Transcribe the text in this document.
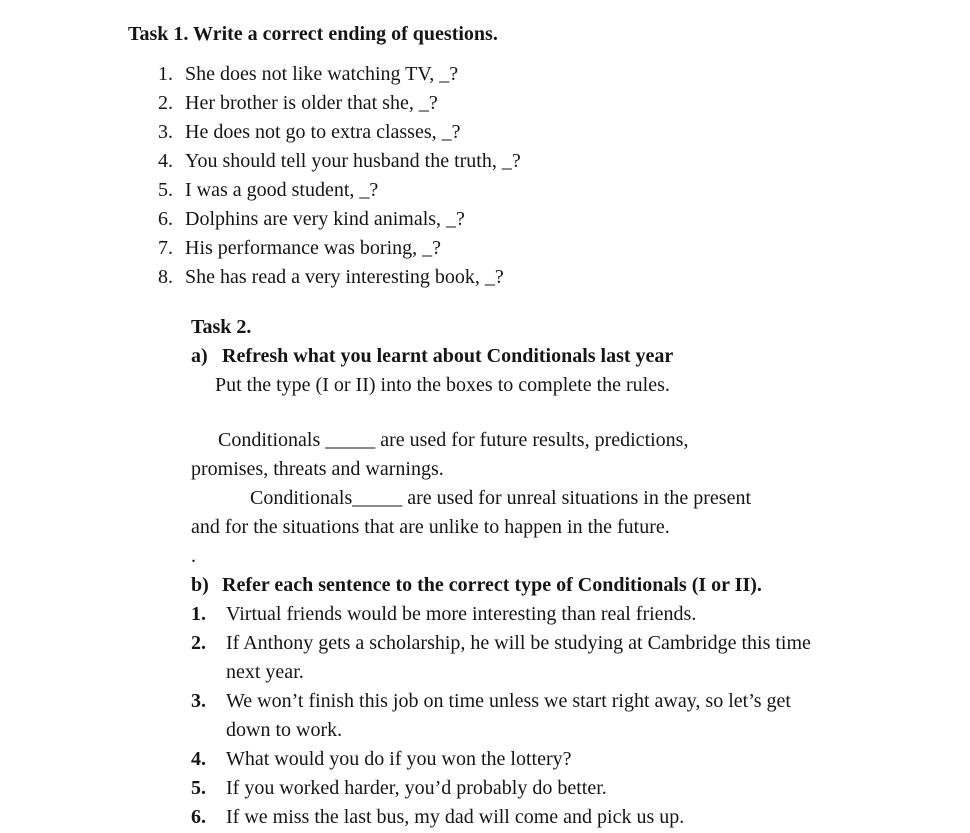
Task 1. Write a correct ending of questions.
1. She does not like watching TV, _?
2. Her brother is older that she, _?
3. He does not go to extra classes, _?
4. You should tell your husband the truth, _?
5. I was a good student, _?
6. Dolphins are very kind animals, _?
7. His performance was boring, _?
8. She has read a very interesting book, _?
Task 2.
a) Refresh what you learnt about Conditionals last year
Put the type (I or II) into the boxes to complete the rules.
Conditionals _____ are used for future results, predictions,
promises, threats and warnings.
Conditionals_____ are used for unreal situations in the present
and for the situations that are unlike to happen in the future.
.
b) Refer each sentence to the correct type of Conditionals (I or II).
1.	Virtual friends would be more interesting than real friends.
2.	If Anthony gets a scholarship, he will be studying at Cambridge this time
next year.
3.	We won’t finish this job on time unless we start right away, so let’s get
down to work.
4.	What would you do if you won the lottery?
5.	If you worked harder, you’d probably do better.
6.	If we miss the last bus, my dad will come and pick us up.
